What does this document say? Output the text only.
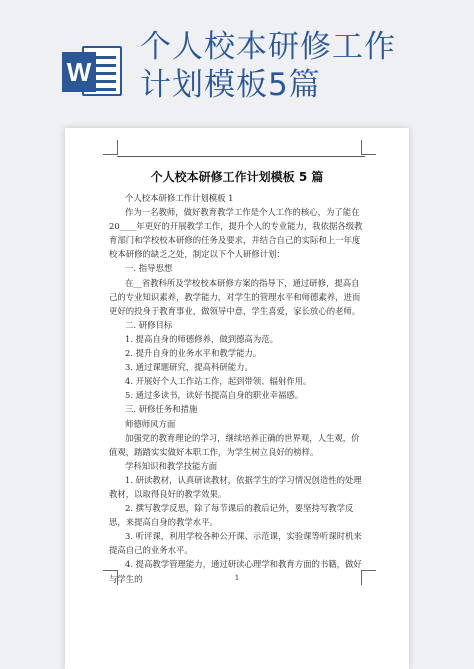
W
个人校本研修工作
计划模板5篇
个人校本研修工作计划模板 5 篇

个人校本研修工作计划模板 1

作为一名教师，做好教育教学工作是个人工作的核心，为了能在20____年更好的开展教学工作，提升个人的专业能力，我依据各级教育部门和学校校本研修的任务及要求，并结合自己的实际和上一年度校本研修的缺乏之处，制定以下个人研修计划：

一. 指导思想

在__省教科所及学校校本研修方案的指导下，通过研修，提高自己的专业知识素养，教学能力，对学生的管理水平和师德素养，进而更好的投身于教育事业，做领导中意，学生喜爱，家长放心的老师。

二. 研修目标

1. 提高自身的师德修养，做到德高为范。

2. 提升自身的业务水平和教学能力。

3. 通过课题研究，提高科研能力。

4. 开展好个人工作站工作，起到带领、辐射作用。

5. 通过多读书，读好书提高自身的职业幸福感。

三. 研修任务和措施

师德师风方面

加强党的教育理论的学习，继续培养正确的世界观，人生观，价值观，踏踏实实做好本职工作，为学生树立良好的榜样。

学科知识和教学技能方面

1. 研读教材，认真研读教材，依据学生的学习情况创造性的处理教材，以取得良好的教学效果。

2. 撰写教学反思，除了每节课后的教后记外，要坚持写教学反思，来提高自身的教学水平。

3. 听评课，利用学校各种公开课、示范课，实验课等听课时机来提高自己的业务水平。

4. 提高教学管理能力，通过研读心理学和教育方面的书籍，做好与学生的	1
